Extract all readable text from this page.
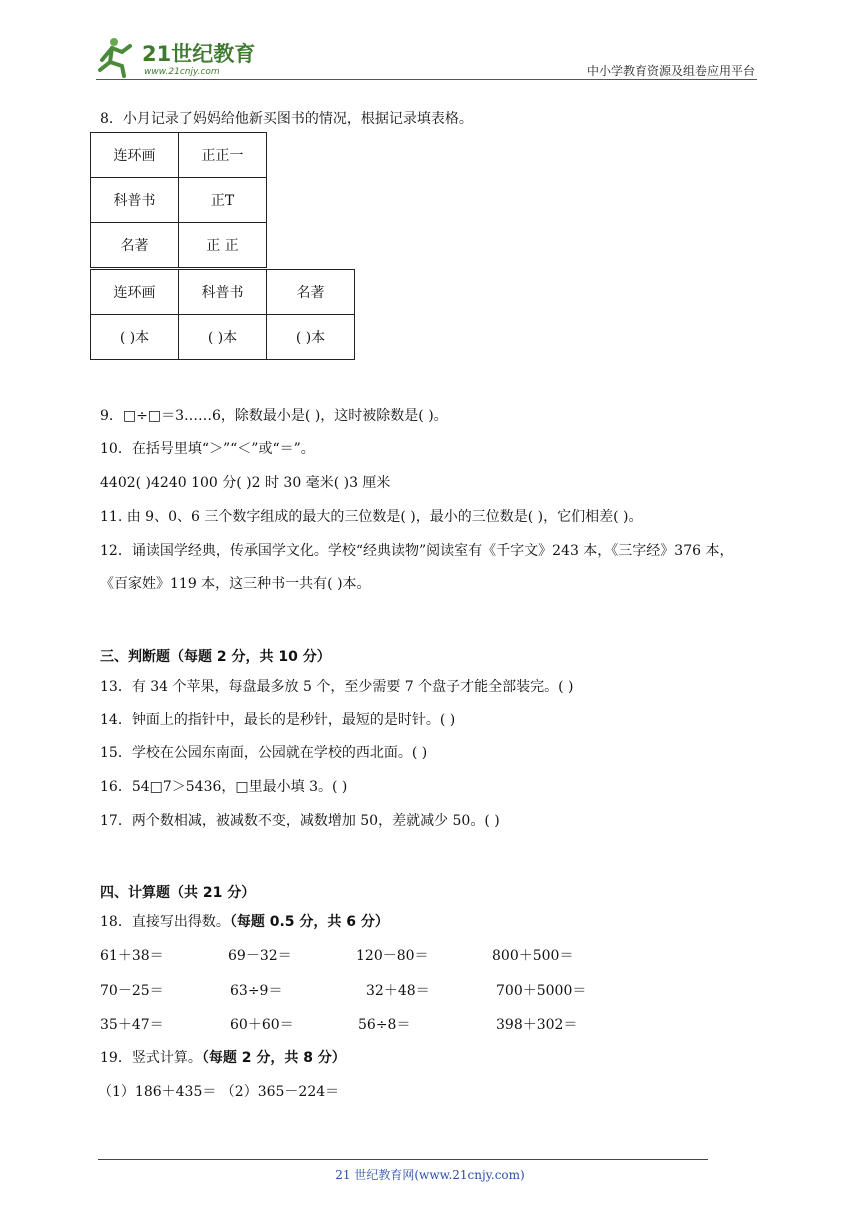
21世纪教育
www.21cnjy.com	中小学教育资源及组卷应用平台
8．小月记录了妈妈给他新买图书的情况，根据记录填表格。
连环画	正正一
科普书	正T
名著	正 正
连环画	科普书	名著
( )本	( )本	( )本
9．□÷□＝3……6，除数最小是( )，这时被除数是( )。
10．在括号里填“＞”“＜”或“＝”。
4402( )4240 100 分( )2 时 30 毫米( )3 厘米
11. 由 9、0、6 三个数字组成的最大的三位数是( )，最小的三位数是( )，它们相差( )。
12．诵读国学经典，传承国学文化。学校“经典读物”阅读室有《千字文》243 本，《三字经》376 本，
《百家姓》119 本，这三种书一共有( )本。
三、判断题（每题 2 分，共 10 分）
13．有 34 个苹果，每盘最多放 5 个，至少需要 7 个盘子才能全部装完。( )
14．钟面上的指针中，最长的是秒针，最短的是时针。( )
15．学校在公园东南面，公园就在学校的西北面。( )
16．54□7＞5436，□里最小填 3。( )
17．两个数相减，被减数不变，减数增加 50，差就减少 50。( )
四、计算题（共 21 分）
18．直接写出得数。（每题 0.5 分，共 6 分）
61＋38＝	69－32＝	120－80＝	800＋500＝
70－25＝	63÷9＝	32＋48＝	700＋5000＝
35＋47＝	60＋60＝	56÷8＝	398＋302＝
19．竖式计算。（每题 2 分，共 8 分）
（1）186＋435＝ （2）365－224＝
21 世纪教育网(www.21cnjy.com)
